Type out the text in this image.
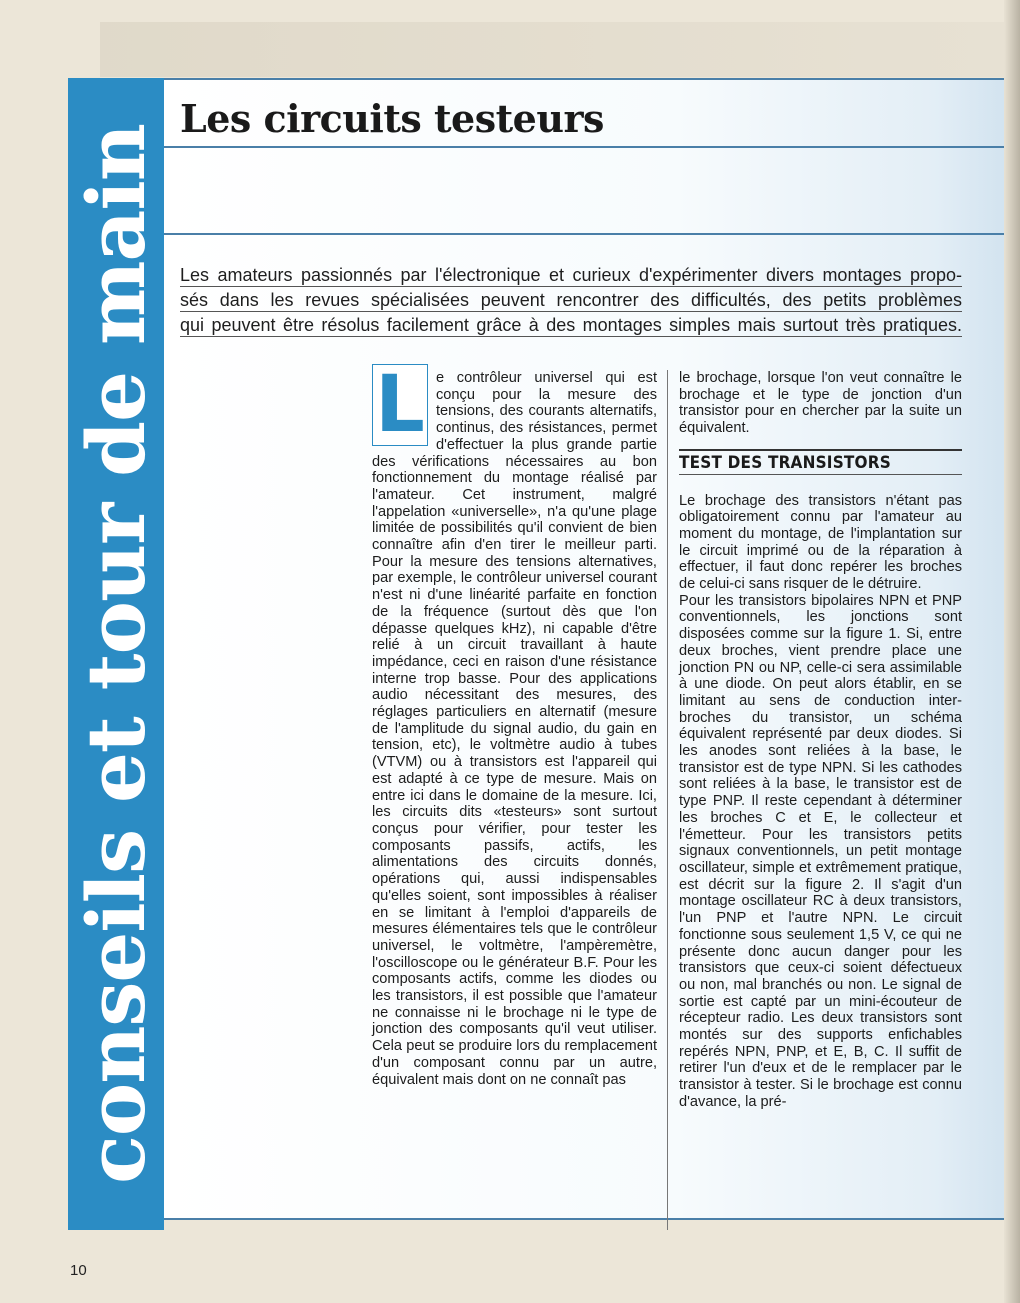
conseils et tour de main
Les circuits testeurs
Les amateurs passionnés par l'électronique et curieux d'expérimenter divers montages propo-
sés dans les revues spécialisées peuvent rencontrer des difficultés, des petits problèmes
qui peuvent être résolus facilement grâce à des montages simples mais surtout très pratiques.
L e contrôleur universel qui est conçu pour la mesure des tensions, des courants alternatifs, continus, des résistances, permet d'effectuer la plus grande partie des vérifications nécessaires au bon fonctionnement du montage réalisé par l'amateur. Cet instrument, malgré l'appelation «universelle», n'a qu'une plage limitée de possibilités qu'il convient de bien connaître afin d'en tirer le meilleur parti. Pour la mesure des tensions alternatives, par exemple, le contrôleur universel courant n'est ni d'une linéarité parfaite en fonction de la fréquence (surtout dès que l'on dépasse quelques kHz), ni capable d'être relié à un circuit travaillant à haute impédance, ceci en raison d'une résistance interne trop basse. Pour des applications audio nécessitant des mesures, des réglages particuliers en alternatif (mesure de l'amplitude du signal audio, du gain en tension, etc), le voltmètre audio à tubes (VTVM) ou à transistors est l'appareil qui est adapté à ce type de mesure. Mais on entre ici dans le domaine de la mesure. Ici, les circuits dits «testeurs» sont surtout conçus pour vérifier, pour tester les composants passifs, actifs, les alimentations des circuits donnés, opérations qui, aussi indispensables qu'elles soient, sont impossibles à réaliser en se limitant à l'emploi d'appareils de mesures élémentaires tels que le contrôleur universel, le voltmètre, l'ampèremètre, l'oscilloscope ou le générateur B.F. Pour les composants actifs, comme les diodes ou les transistors, il est possible que l'amateur ne connaisse ni le brochage ni le type de jonction des composants qu'il veut utiliser. Cela peut se produire lors du remplacement d'un composant connu par un autre, équivalent mais dont on ne connaît pas

le brochage, lorsque l'on veut connaître le brochage et le type de jonction d'un transistor pour en chercher par la suite un équivalent.

TEST DES TRANSISTORS

Le brochage des transistors n'étant pas obligatoirement connu par l'amateur au moment du montage, de l'implantation sur le circuit imprimé ou de la réparation à effectuer, il faut donc repérer les broches de celui-ci sans risquer de le détruire.

Pour les transistors bipolaires NPN et PNP conventionnels, les jonctions sont disposées comme sur la figure 1. Si, entre deux broches, vient prendre place une jonction PN ou NP, celle-ci sera assimilable à une diode. On peut alors établir, en se limitant au sens de conduction inter-broches du transistor, un schéma équivalent représenté par deux diodes. Si les anodes sont reliées à la base, le transistor est de type NPN. Si les cathodes sont reliées à la base, le transistor est de type PNP. Il reste cependant à déterminer les broches C et E, le collecteur et l'émetteur. Pour les transistors petits signaux conventionnels, un petit montage oscillateur, simple et extrêmement pratique, est décrit sur la figure 2. Il s'agit d'un montage oscillateur RC à deux transistors, l'un PNP et l'autre NPN. Le circuit fonctionne sous seulement 1,5 V, ce qui ne présente donc aucun danger pour les transistors que ceux-ci soient défectueux ou non, mal branchés ou non. Le signal de sortie est capté par un mini-écouteur de récepteur radio. Les deux transistors sont montés sur des supports enfichables repérés NPN, PNP, et E, B, C. Il suffit de retirer l'un d'eux et de le remplacer par le transistor à tester. Si le brochage est connu d'avance, la pré-

10
